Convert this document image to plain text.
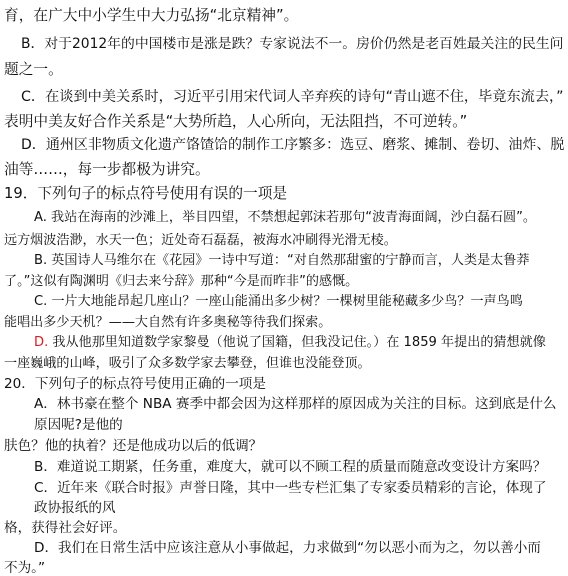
育，在广大中小学生中大力弘扬“北京精神”。
B．对于2012年的中国楼市是涨是跌？专家说法不一。房价仍然是老百姓最关注的民生问
题之一。
C．在谈到中美关系时，习近平引用宋代词人辛弃疾的诗句“青山遮不住，毕竟东流去，”
表明中美友好合作关系是“大势所趋，人心所向，无法阻挡，不可逆转。”
D．通州区非物质文化遗产饹馇饸的制作工序繁多：选豆、磨浆、摊制、卷切、油炸、脱
油等……，每一步都极为讲究。
19．下列句子的标点符号使用有误的一项是
A. 我站在海南的沙滩上，举目四望，不禁想起郭沫若那句“波青海面阔，沙白磊石圆”。
远方烟波浩渺，水天一色；近处奇石磊磊，被海水冲刷得光滑无棱。
B. 英国诗人马维尔在《花园》一诗中写道：“对自然那甜蜜的宁静而言，人类是太鲁莽
了。”这似有陶渊明《归去来兮辞》那种“今是而昨非”的感慨。
C. 一片大地能昂起几座山？一座山能涌出多少树？一棵树里能秘藏多少鸟？一声鸟鸣
能唱出多少天机？——大自然有许多奥秘等待我们探索。
D. 我从他那里知道数学家黎曼（他说了国籍，但我没记住。）在 1859 年提出的猜想就像
一座巍峨的山峰，吸引了众多数学家去攀登，但谁也没能登顶。
20．下列句子的标点符号使用正确的一项是
A．林书豪在整个 NBA 赛季中都会因为这样那样的原因成为关注的目标。这到底是什么
原因呢?是他的
肤色？他的执着？还是他成功以后的低调？
B．难道说工期紧，任务重，难度大，就可以不顾工程的质量而随意改变设计方案吗？
C．近年来《联合时报》声誉日隆，其中一些专栏汇集了专家委员精彩的言论，体现了
政协报纸的风
格，获得社会好评。
D．我们在日常生活中应该注意从小事做起，力求做到“勿以恶小而为之，勿以善小而
不为。”
